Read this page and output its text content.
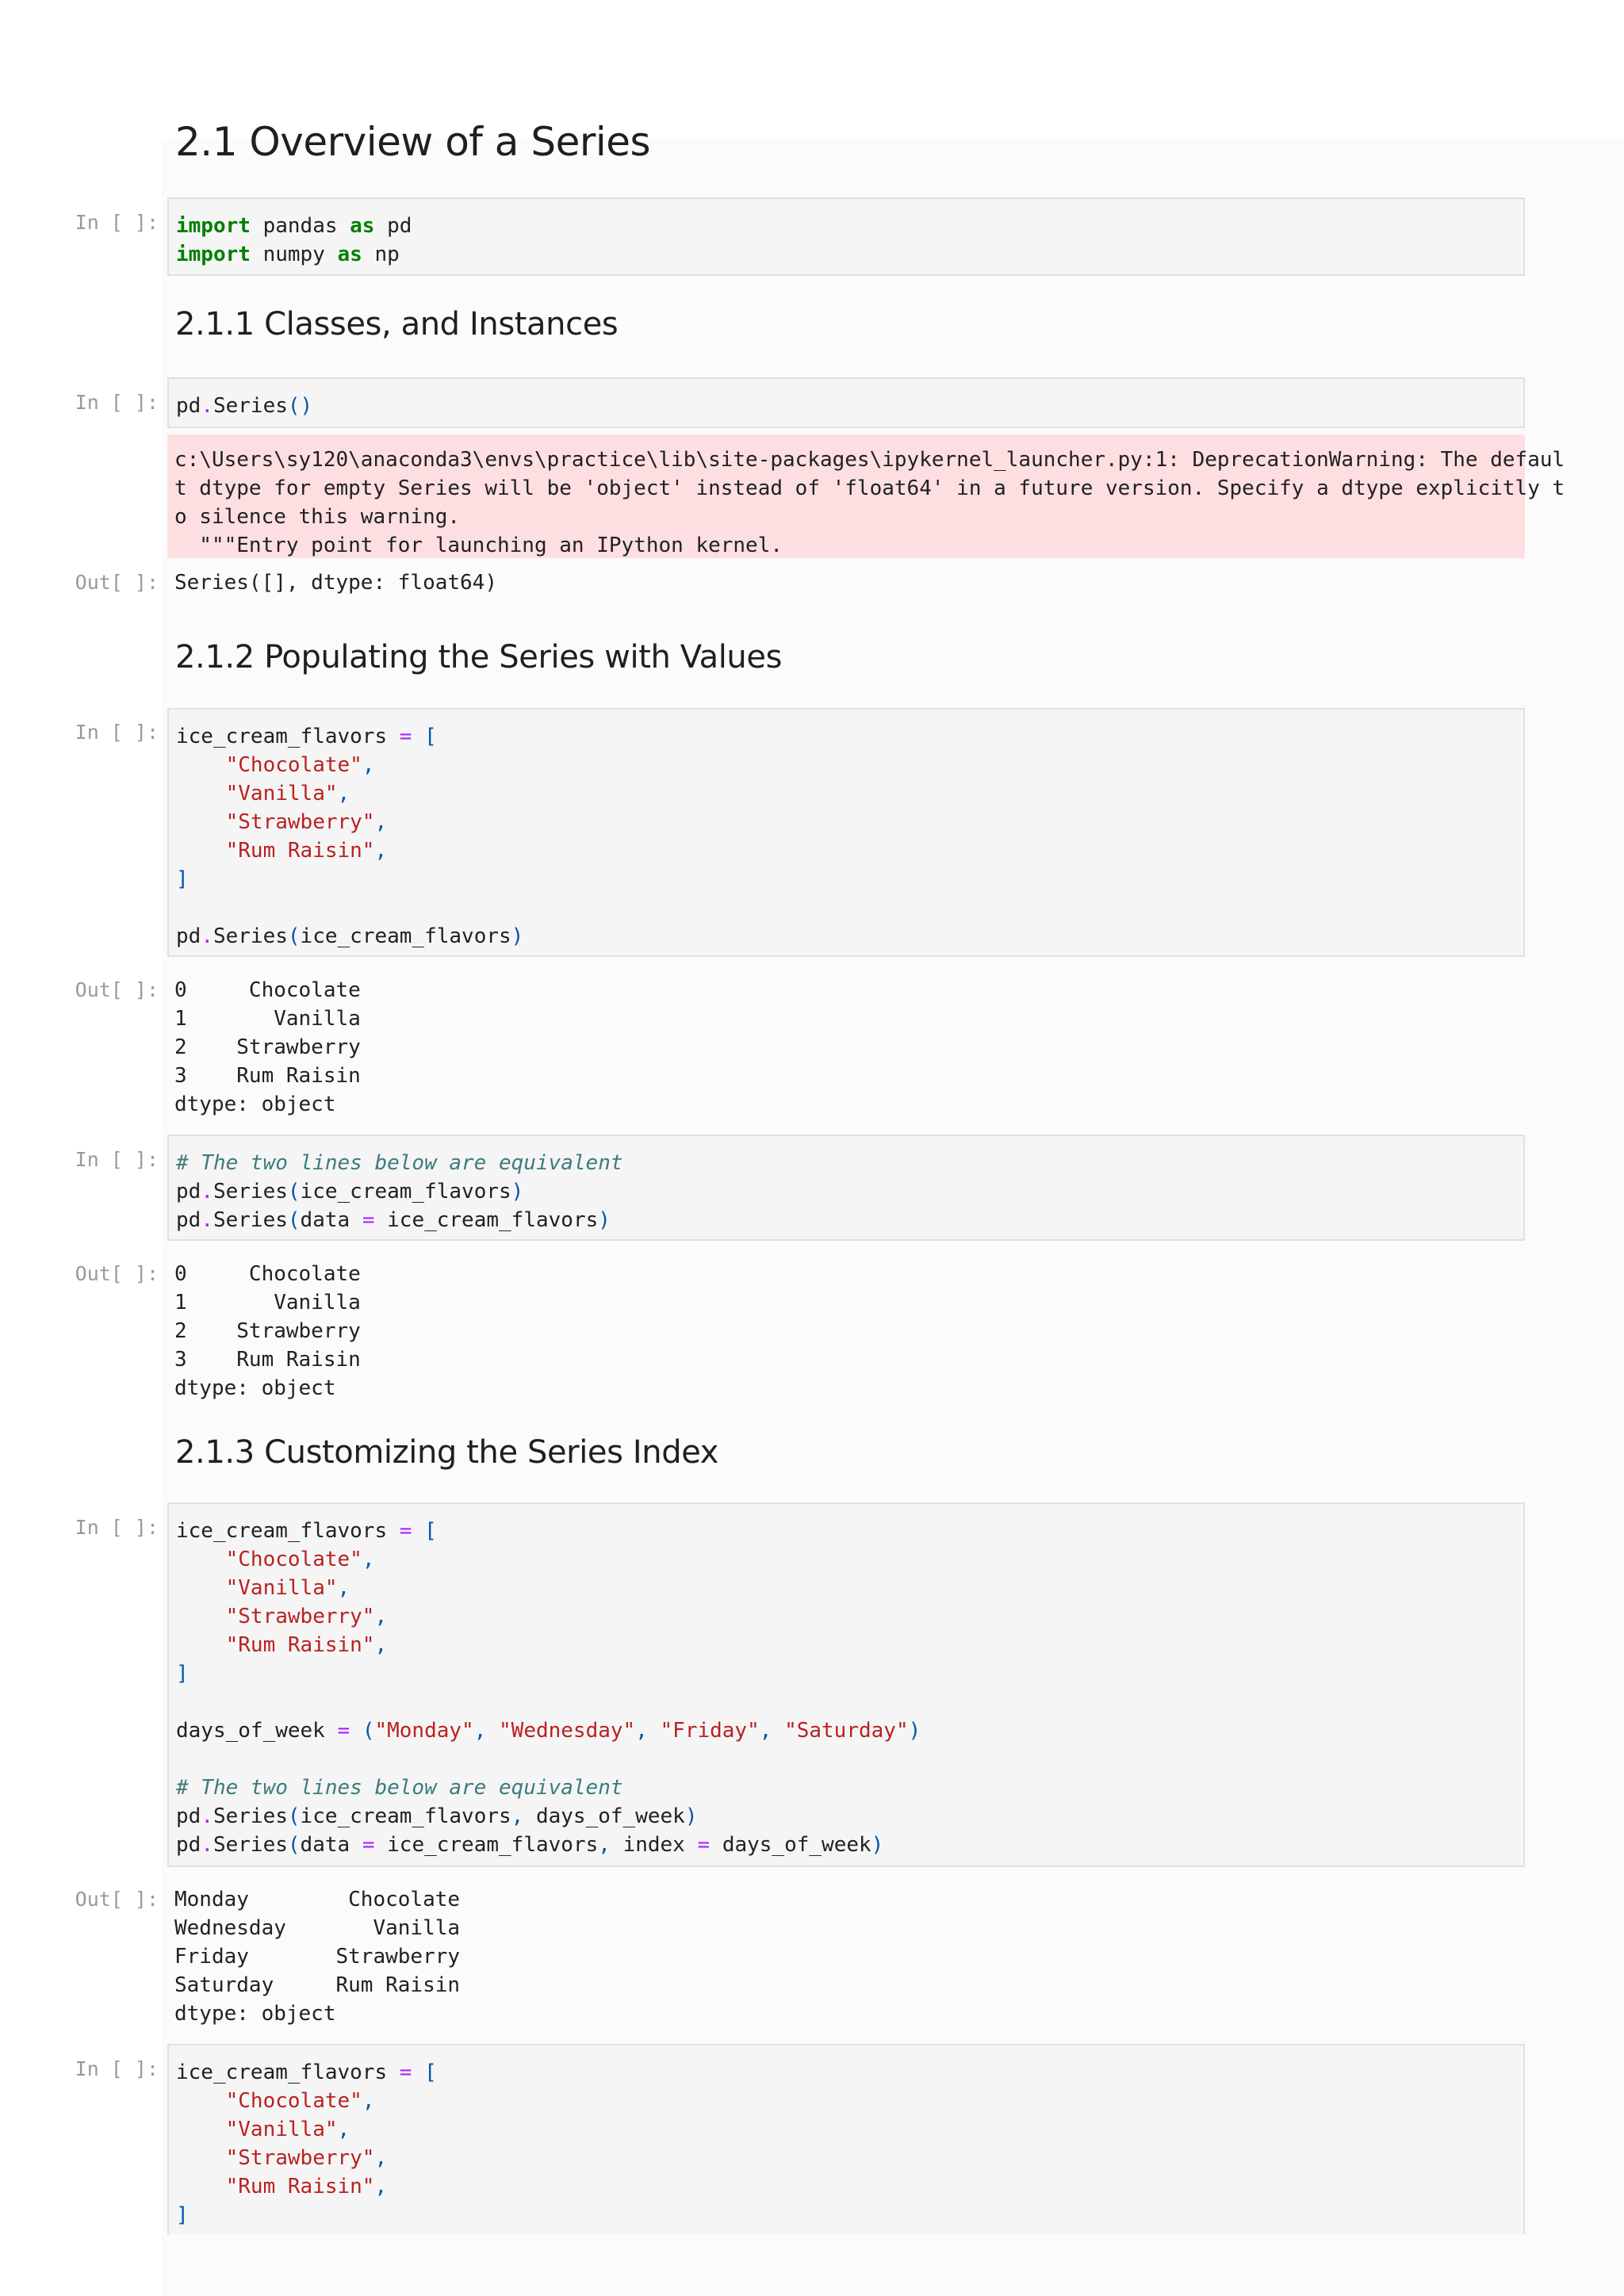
2.1 Overview of a Series
In [ ]: import pandas as pd
import numpy as np
2.1.1 Classes, and Instances
In [ ]: pd.Series()
c:\Users\sy120\anaconda3\envs\practice\lib\site-packages\ipykernel_launcher.py:1: DeprecationWarning: The defaul
t dtype for empty Series will be 'object' instead of 'float64' in a future version. Specify a dtype explicitly t
o silence this warning.
"""Entry point for launching an IPython kernel.
Out[ ]: Series([], dtype: float64)
2.1.2 Populating the Series with Values
In [ ]: ice_cream_flavors = [
"Chocolate",
"Vanilla",
"Strawberry",
"Rum Raisin",
]

pd.Series(ice_cream_flavors)
Out[ ]: 0     Chocolate
1       Vanilla
2    Strawberry
3    Rum Raisin
dtype: object
In [ ]: # The two lines below are equivalent
pd.Series(ice_cream_flavors)
pd.Series(data = ice_cream_flavors)
Out[ ]: 0     Chocolate
1       Vanilla
2    Strawberry
3    Rum Raisin
dtype: object
2.1.3 Customizing the Series Index
In [ ]: ice_cream_flavors = [
"Chocolate",
"Vanilla",
"Strawberry",
"Rum Raisin",
]

days_of_week = ("Monday", "Wednesday", "Friday", "Saturday")

# The two lines below are equivalent
pd.Series(ice_cream_flavors, days_of_week)
pd.Series(data = ice_cream_flavors, index = days_of_week)
Out[ ]: Monday        Chocolate
Wednesday       Vanilla
Friday       Strawberry
Saturday     Rum Raisin
dtype: object
In [ ]: ice_cream_flavors = [
"Chocolate",
"Vanilla",
"Strawberry",
"Rum Raisin",
]
